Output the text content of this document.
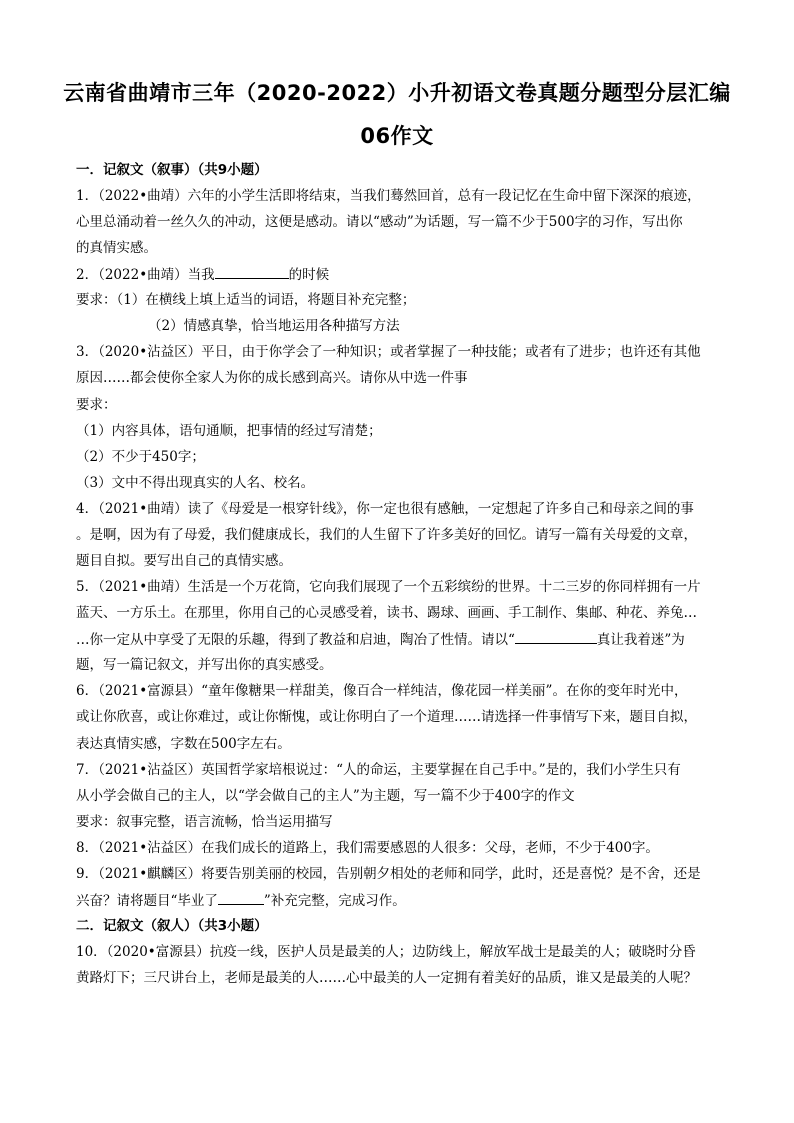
云南省曲靖市三年（2020-2022）小升初语文卷真题分题型分层汇编
06作文
一．记叙文（叙事）（共9小题）
1．（2022•曲靖）六年的小学生活即将结束，当我们蓦然回首，总有一段记忆在生命中留下深深的痕迹，
心里总涌动着一丝久久的冲动，这便是感动。请以“感动”为话题，写一篇不少于500字的习作，写出你
的真情实感。
2．（2022•曲靖）当我	的时候
要求：（1）在横线上填上适当的词语，将题目补充完整；
（2）情感真挚，恰当地运用各种描写方法
3．（2020•沾益区）平日，由于你学会了一种知识；或者掌握了一种技能；或者有了进步；也许还有其他
原因……都会使你全家人为你的成长感到高兴。请你从中选一件事
要求：
（1）内容具体，语句通顺，把事情的经过写清楚；
（2）不少于450字；
（3）文中不得出现真实的人名、校名。
4．（2021•曲靖）读了《母爱是一根穿针线》，你一定也很有感触，一定想起了许多自己和母亲之间的事
。是啊，因为有了母爱，我们健康成长，我们的人生留下了许多美好的回忆。请写一篇有关母爱的文章，
题目自拟。要写出自己的真情实感。
5．（2021•曲靖）生活是一个万花筒，它向我们展现了一个五彩缤纷的世界。十二三岁的你同样拥有一片
蓝天、一方乐土。在那里，你用自己的心灵感受着，读书、踢球、画画、手工制作、集邮、种花、养兔…
…你一定从中享受了无限的乐趣，得到了教益和启迪，陶冶了性情。请以“	真让我着迷”为
题，写一篇记叙文，并写出你的真实感受。
6．（2021•富源县）“童年像糖果一样甜美，像百合一样纯洁，像花园一样美丽”。在你的变年时光中，
或让你欣喜，或让你难过，或让你惭愧，或让你明白了一个道理……请选择一件事情写下来，题目自拟，
表达真情实感，字数在500字左右。
7．（2021•沾益区）英国哲学家培根说过：“人的命运，主要掌握在自己手中。”是的，我们小学生只有
从小学会做自己的主人，以“学会做自己的主人”为主题，写一篇不少于400字的作文
要求：叙事完整，语言流畅，恰当运用描写
8．（2021•沾益区）在我们成长的道路上，我们需要感恩的人很多：父母，老师，不少于400字。
9．（2021•麒麟区）将要告别美丽的校园，告别朝夕相处的老师和同学，此时，还是喜悦？是不舍，还是
兴奋？请将题目“毕业了	”补充完整，完成习作。
二．记叙文（叙人）（共3小题）
10．（2020•富源县）抗疫一线，医护人员是最美的人；边防线上，解放军战士是最美的人；破晓时分昏
黄路灯下；三尺讲台上，老师是最美的人……心中最美的人一定拥有着美好的品质，谁又是最美的人呢？
